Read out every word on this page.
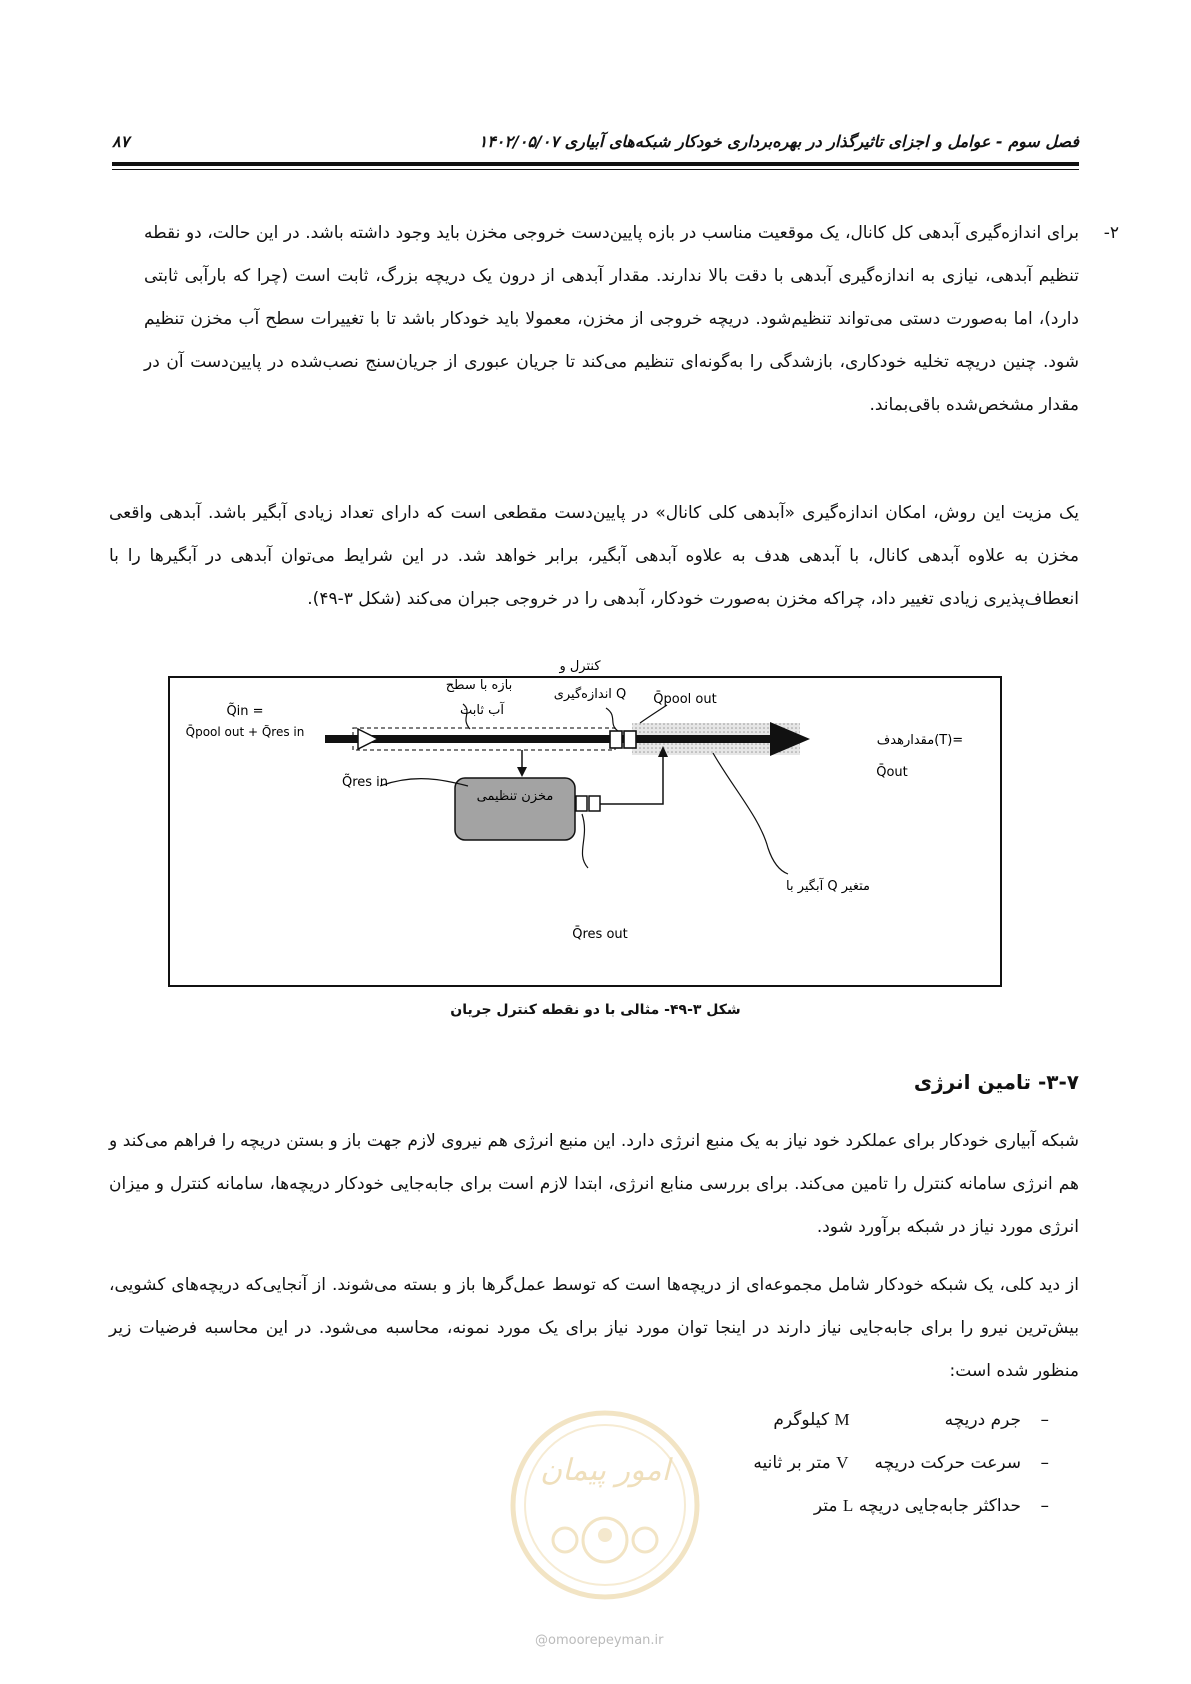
فصل سوم - عوامل و اجزای تاثیرگذار در بهره‌برداری خودکار شبکه‌های آبیاری ۱۴۰۲/۰۵/۰۷
۸۷
۲-
برای اندازه‌گیری آبدهی کل کانال، یک موقعیت مناسب در بازه پایین‌دست خروجی مخزن باید وجود داشته باشد. در این حالت، دو نقطه تنظیم آبدهی، نیازی به اندازه‌گیری آبدهی با دقت بالا ندارند. مقدار آبدهی از درون یک دریچه بزرگ، ثابت است (چرا که بارآبی ثابتی دارد)، اما به‌صورت دستی می‌تواند تنظیم‌شود. دریچه خروجی از مخزن، معمولا باید خودکار باشد تا با تغییرات سطح آب مخزن تنظیم شود. چنین دریچه تخلیه خودکاری، بازشدگی را به‌گونه‌ای تنظیم می‌کند تا جریان عبوری از جریان‌سنج نصب‌شده در پایین‌دست آن در مقدار مشخص‌شده باقی‌بماند.
یک مزیت این روش، امکان اندازه‌گیری «آبدهی کلی کانال» در پایین‌دست مقطعی است که دارای تعداد زیادی آبگیر باشد. آبدهی واقعی مخزن به علاوه آبدهی کانال، با آبدهی هدف به علاوه آبدهی آبگیر، برابر خواهد شد. در این شرایط می‌توان آبدهی در آبگیرها را با انعطاف‌پذیری زیادی تغییر داد، چراکه مخزن به‌صورت خودکار، آبدهی را در خروجی جبران می‌کند (شکل ۳-۴۹).
مخزن تنظیمی
بازه با سطح
آب ثابت
کنترل و
اندازه‌گیری Q
Q̃in =
Q̄pool out + Q̃res in
Q̄pool out
مقدارهدف(T)=
Q̄out
Q̃res in
آبگیر با Q متغیر
Q̄res out
شکل ۳-۴۹- مثالی با دو نقطه کنترل جریان
۳-۷- تامین انرژی
شبکه آبیاری خودکار برای عملکرد خود نیاز به یک منبع انرژی دارد. این منبع انرژی هم نیروی لازم جهت باز و بستن دریچه را فراهم می‌کند و هم انرژی سامانه کنترل را تامین می‌کند. برای بررسی منابع انرژی، ابتدا لازم است برای جابه‌جایی خودکار دریچه‌ها، سامانه کنترل و میزان انرژی مورد نیاز در شبکه برآورد شود.
از دید کلی، یک شبکه خودکار شامل مجموعه‌ای از دریچه‌ها است که توسط عمل‌گرها باز و بسته می‌شوند. از آنجایی‌که دریچه‌های کشویی، بیش‌ترین نیرو را برای جابه‌جایی نیاز دارند در اینجا توان مورد نیاز برای یک مورد نمونه، محاسبه می‌شود. در این محاسبه فرضیات زیر منظور شده است:
–جرم دریچهM کیلوگرم
–سرعت حرکت دریچهV متر بر ثانیه
–حداکثر جابه‌جایی دریچه L متر
امور پیمان
@omoorepeyman.ir
